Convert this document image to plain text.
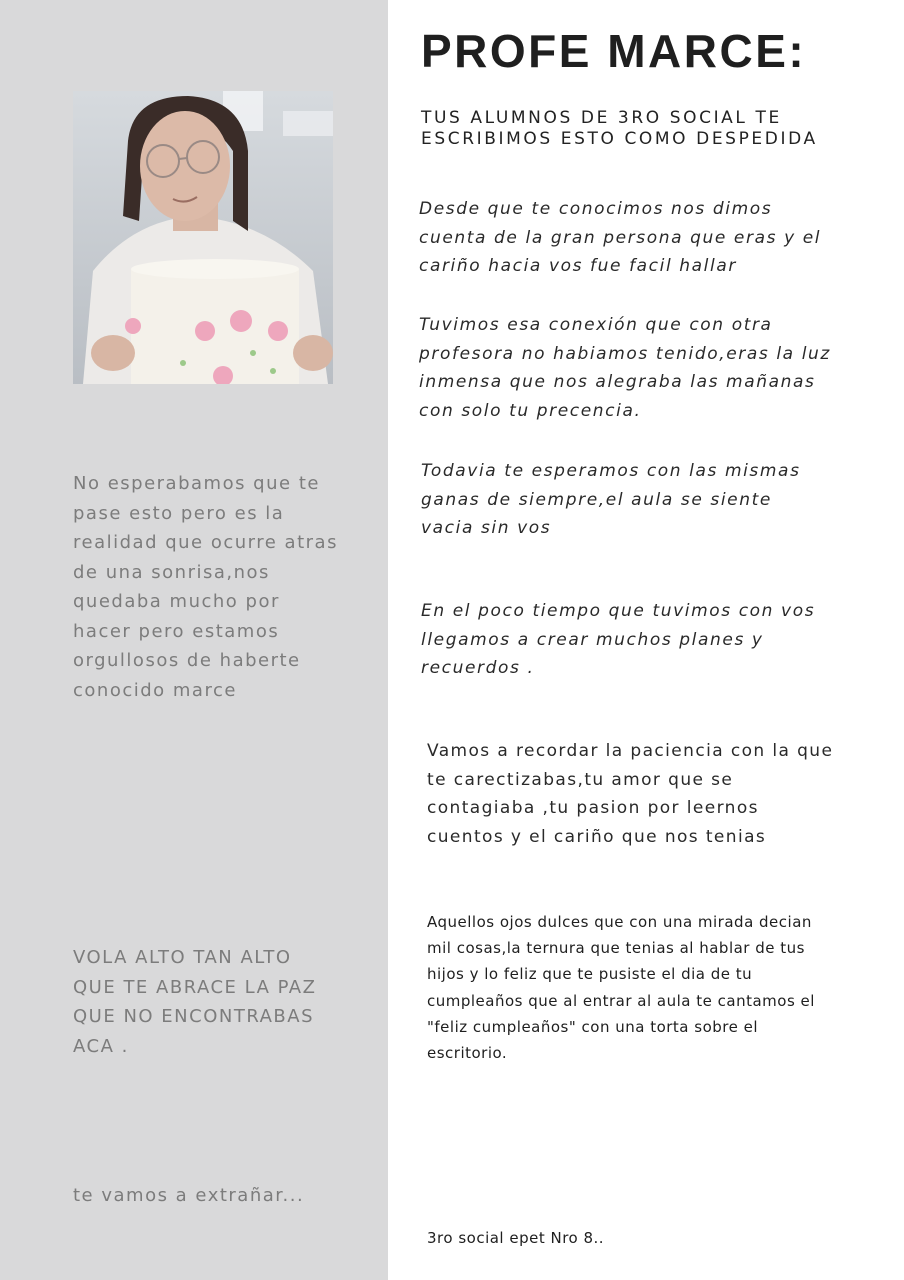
No esperabamos que te pase esto pero es la realidad que ocurre atras de una sonrisa,nos quedaba mucho por hacer pero estamos orgullosos de haberte conocido marce

VOLA ALTO TAN ALTO QUE TE ABRACE LA PAZ QUE NO ENCONTRABAS ACA .

te vamos a extrañar...

PROFE MARCE:

TUS ALUMNOS DE 3RO SOCIAL TE ESCRIBIMOS ESTO COMO DESPEDIDA

Desde que te conocimos nos dimos cuenta de la gran persona que eras y el cariño hacia vos fue facil hallar

Tuvimos esa conexión que con otra profesora no habiamos tenido,eras la luz inmensa que nos alegraba las mañanas con solo tu precencia.

Todavia te esperamos con las mismas ganas de siempre,el aula se siente vacia sin vos

En el poco tiempo que tuvimos con vos llegamos a crear muchos planes y recuerdos .

Vamos a recordar la paciencia con la que te carectizabas,tu amor que se contagiaba ,tu pasion por leernos cuentos y el cariño que nos tenias

Aquellos ojos dulces que con una mirada decian mil cosas,la ternura que tenias al hablar de tus hijos y lo feliz que te pusiste el dia de tu cumpleaños que al entrar al aula te cantamos el "feliz cumpleaños" con una torta sobre el escritorio.

3ro social epet Nro 8..
